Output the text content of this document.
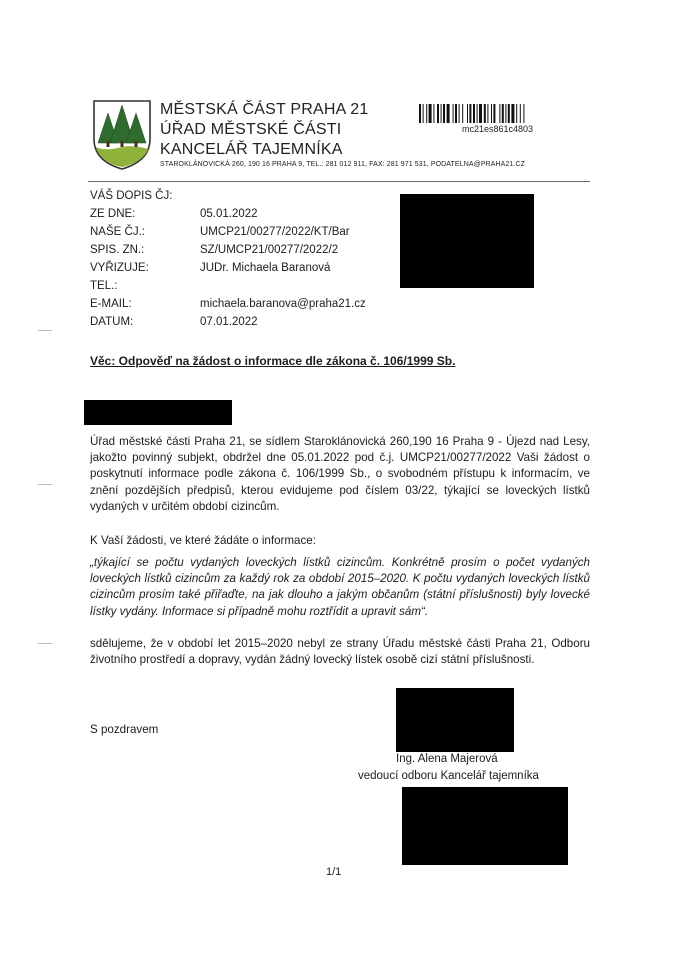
MĚSTSKÁ ČÁST PRAHA 21
ÚŘAD MĚSTSKÉ ČÁSTI
KANCELÁŘ TAJEMNÍKA
STAROKLÁNOVICKÁ 260, 190 16 PRAHA 9, TEL.: 281 012 911, FAX: 281 971 531, PODATELNA@PRAHA21.CZ
mc21es861c4803
VÁŠ DOPIS ČJ:
ZE DNE:
NAŠE ČJ.:
SPIS. ZN.:
VYŘIZUJE:
TEL.:
E-MAIL:
DATUM:
05.01.2022
UMCP21/00277/2022/KT/Bar
SZ/UMCP21/00277/2022/2
JUDr. Michaela Baranová
michaela.baranova@praha21.cz
07.01.2022
Věc: Odpověď na žádost o informace dle zákona č. 106/1999 Sb.
Úřad městské části Praha 21, se sídlem Staroklánovická 260,190 16 Praha 9 - Újezd nad Lesy, jakožto povinný subjekt, obdržel dne 05.01.2022 pod č.j. UMCP21/00277/2022 Vaši žádost o poskytnutí informace podle zákona č. 106/1999 Sb., o svobodném přístupu k informacím, ve znění pozdějších předpisů, kterou evidujeme pod číslem 03/22, týkající se loveckých lístků vydaných v určitém období cizincům.
K Vaší žádosti, ve které žádáte o informace:
„týkající se počtu vydaných loveckých lístků cizincům. Konkrétně prosím o počet vydaných loveckých lístků cizincům za každý rok za období 2015–2020. K počtu vydaných loveckých lístků cizincům prosím také přiřaďte, na jak dlouho a jakým občanům (státní příslušnosti) byly lovecké lístky vydány. Informace si případně mohu roztřídit a upravit sám“.
sdělujeme, že v období let 2015–2020 nebyl ze strany Úřadu městské části Praha 21, Odboru životního prostředí a dopravy, vydán žádný lovecký lístek osobě cizí státní příslušnosti.
S pozdravem
Ing. Alena Majerová
vedoucí odboru Kancelář tajemníka
1/1
